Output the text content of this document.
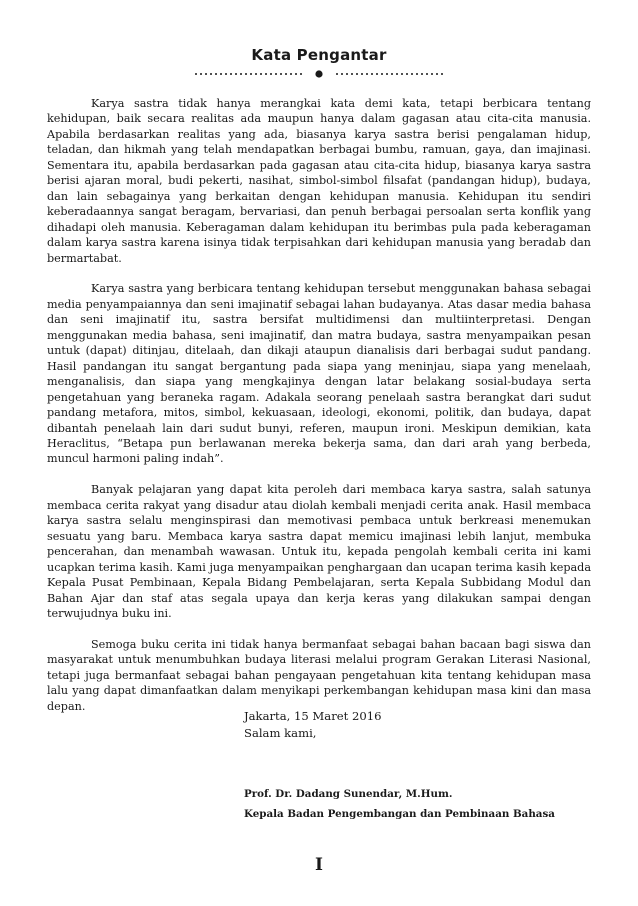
Kata Pengantar

Karya sastra tidak hanya merangkai kata demi kata, tetapi berbicara tentang kehidupan, baik secara realitas ada maupun hanya dalam gagasan atau cita-cita manusia. Apabila berdasarkan realitas yang ada, biasanya karya sastra berisi pengalaman hidup, teladan, dan hikmah yang telah mendapatkan berbagai bumbu, ramuan, gaya, dan imajinasi. Sementara itu, apabila berdasarkan pada gagasan atau cita-cita hidup, biasanya karya sastra berisi ajaran moral, budi pekerti, nasihat, simbol-simbol filsafat (pandangan hidup), budaya, dan lain sebagainya yang berkaitan dengan kehidupan manusia. Kehidupan itu sendiri keberadaannya sangat beragam, bervariasi, dan penuh berbagai persoalan serta konflik yang dihadapi oleh manusia. Keberagaman dalam kehidupan itu berimbas pula pada keberagaman dalam karya sastra karena isinya tidak terpisahkan dari kehidupan manusia yang beradab dan bermartabat.

Karya sastra yang berbicara tentang kehidupan tersebut menggunakan bahasa sebagai media penyampaiannya dan seni imajinatif sebagai lahan budayanya. Atas dasar media bahasa dan seni imajinatif itu, sastra bersifat multidimensi dan multiinterpretasi. Dengan menggunakan media bahasa, seni imajinatif, dan matra budaya, sastra menyampaikan pesan untuk (dapat) ditinjau, ditelaah, dan dikaji ataupun dianalisis dari berbagai sudut pandang. Hasil pandangan itu sangat bergantung pada siapa yang meninjau, siapa yang menelaah, menganalisis, dan siapa yang mengkajinya dengan latar belakang sosial-budaya serta pengetahuan yang beraneka ragam. Adakala seorang penelaah sastra berangkat dari sudut pandang metafora, mitos, simbol, kekuasaan, ideologi, ekonomi, politik, dan budaya, dapat dibantah penelaah lain dari sudut bunyi, referen, maupun ironi. Meskipun demikian, kata Heraclitus, “Betapa pun berlawanan mereka bekerja sama, dan dari arah yang berbeda, muncul harmoni paling indah”.

Banyak pelajaran yang dapat kita peroleh dari membaca karya sastra, salah satunya membaca cerita rakyat yang disadur atau diolah kembali menjadi cerita anak. Hasil membaca karya sastra selalu menginspirasi dan memotivasi pembaca untuk berkreasi menemukan sesuatu yang baru. Membaca karya sastra dapat memicu imajinasi lebih lanjut, membuka pencerahan, dan menambah wawasan. Untuk itu, kepada pengolah kembali cerita ini kami ucapkan terima kasih. Kami juga menyampaikan penghargaan dan ucapan terima kasih kepada Kepala Pusat Pembinaan, Kepala Bidang Pembelajaran, serta Kepala Subbidang Modul dan Bahan Ajar dan staf atas segala upaya dan kerja keras yang dilakukan sampai dengan terwujudnya buku ini.

Semoga buku cerita ini tidak hanya bermanfaat sebagai bahan bacaan bagi siswa dan masyarakat untuk menumbuhkan budaya literasi melalui program Gerakan Literasi Nasional, tetapi juga bermanfaat sebagai bahan pengayaan pengetahuan kita tentang kehidupan masa lalu yang dapat dimanfaatkan dalam menyikapi perkembangan kehidupan masa kini dan masa depan.

Jakarta, 15 Maret 2016
Salam kami,
Prof. Dr. Dadang Sunendar, M.Hum.
Kepala Badan Pengembangan dan Pembinaan Bahasa
I
